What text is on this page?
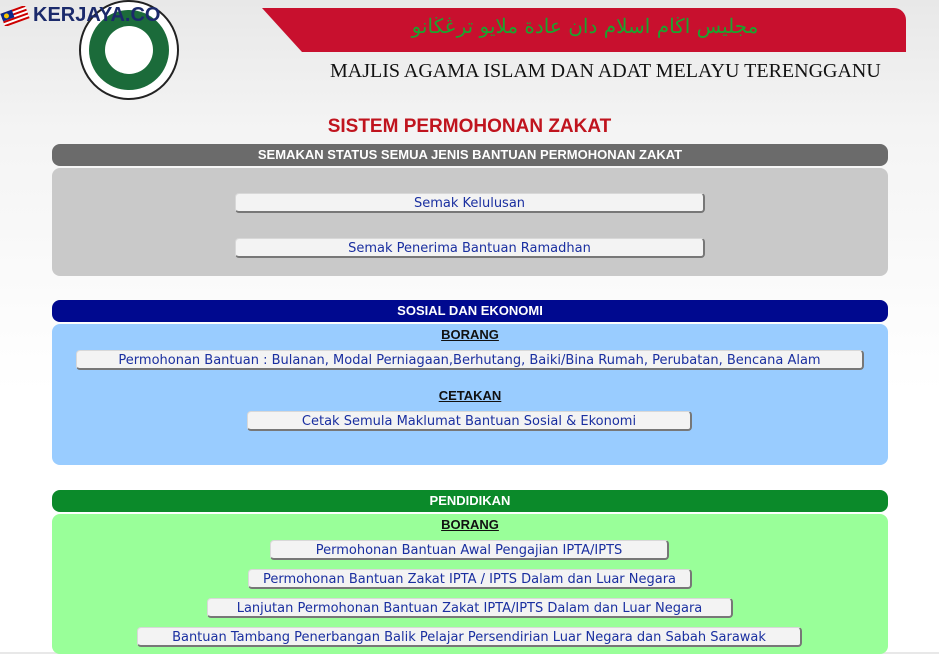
مجليس اڬام اسلام دان عادة ملايو ترڠڬانو
MAJLIS AGAMA ISLAM DAN ADAT MELAYU TERENGGANU
KERJAYA .CO
SISTEM PERMOHONAN ZAKAT
SEMAKAN STATUS SEMUA JENIS BANTUAN PERMOHONAN ZAKAT
Semak Kelulusan
Semak Penerima Bantuan Ramadhan
SOSIAL DAN EKONOMI
BORANG
Permohonan Bantuan : Bulanan, Modal Perniagaan,Berhutang, Baiki/Bina Rumah, Perubatan, Bencana Alam
CETAKAN
Cetak Semula Maklumat Bantuan Sosial & Ekonomi
PENDIDIKAN
BORANG
Permohonan Bantuan Awal Pengajian IPTA/IPTS
Permohonan Bantuan Zakat IPTA / IPTS Dalam dan Luar Negara
Lanjutan Permohonan Bantuan Zakat IPTA/IPTS Dalam dan Luar Negara
Bantuan Tambang Penerbangan Balik Pelajar Persendirian Luar Negara dan Sabah Sarawak
